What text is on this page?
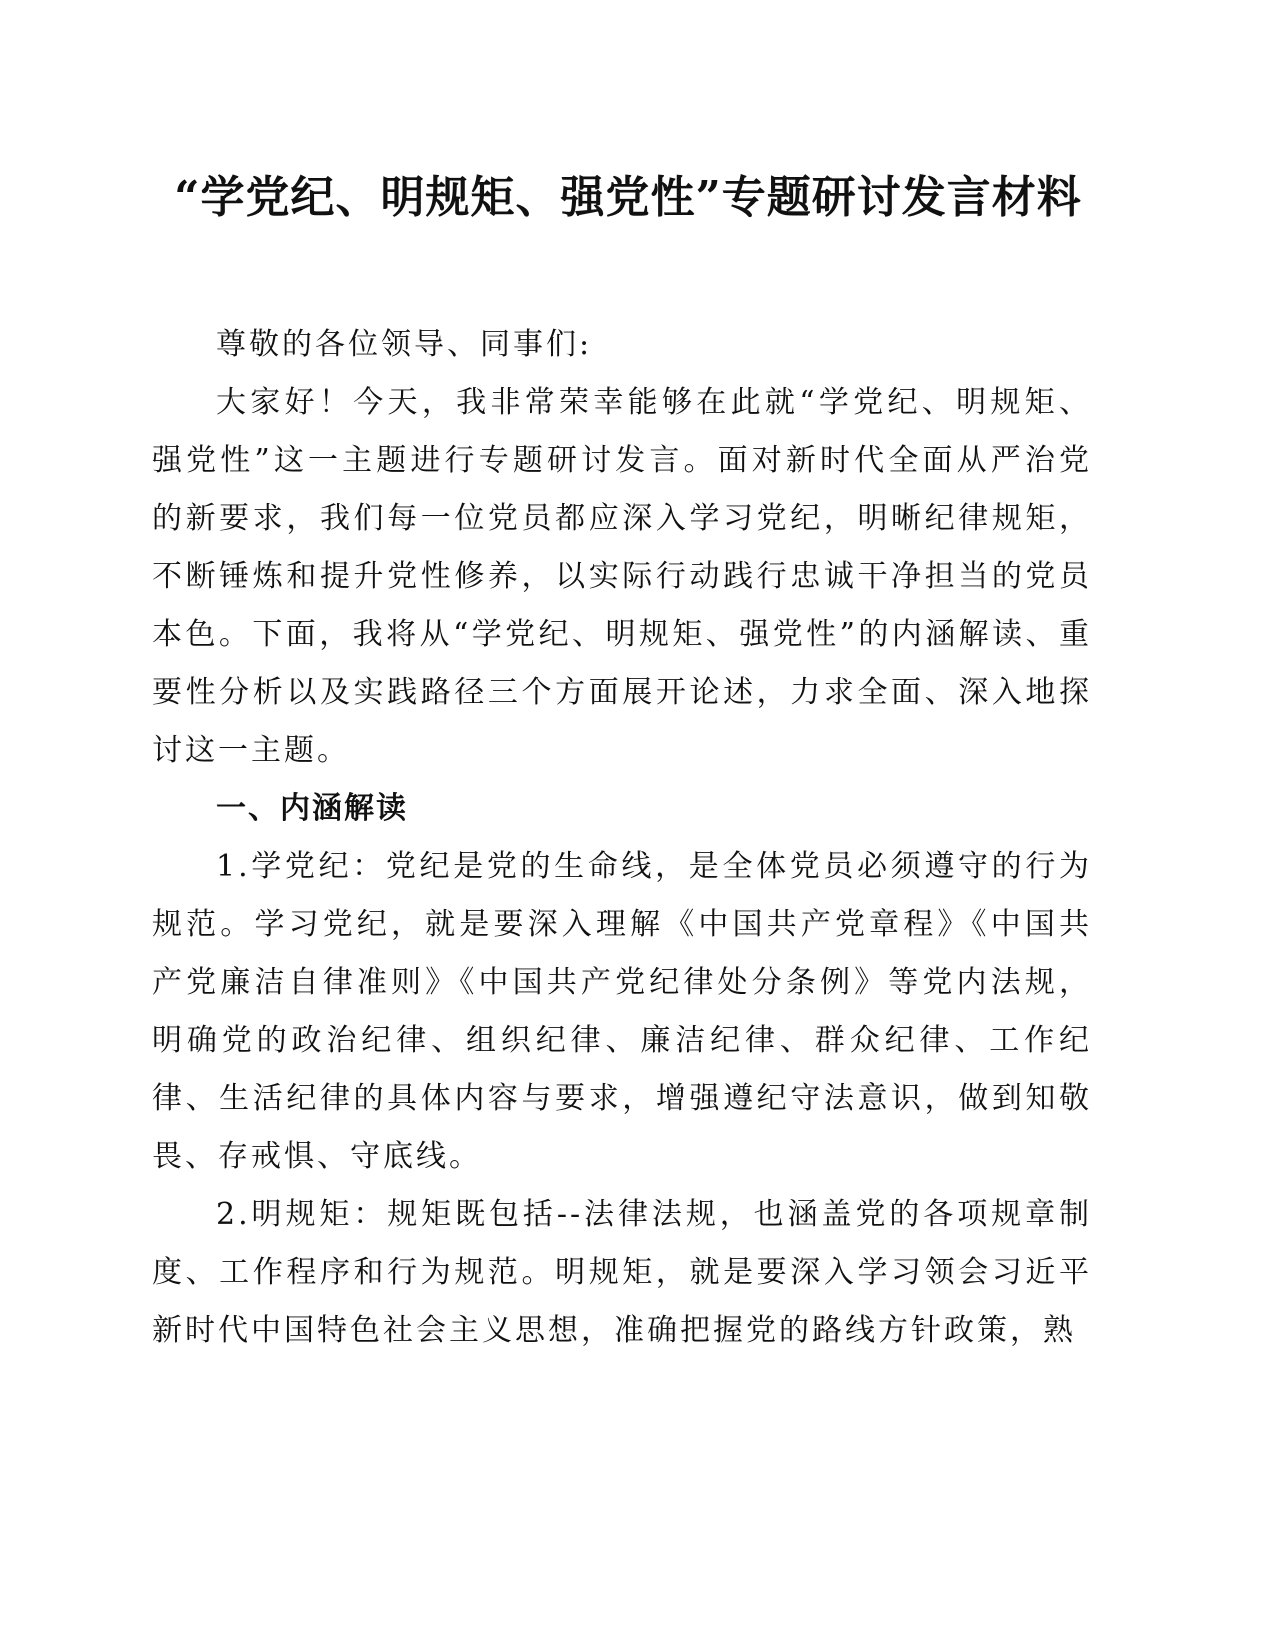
“学党纪、明规矩、强党性”专题研讨发言材料

尊敬的各位领导、同事们:

大家好！今天，我非常荣幸能够在此就“学党纪、明规矩、强党性”这一主题进行专题研讨发言。面对新时代全面从严治党的新要求，我们每一位党员都应深入学习党纪，明晰纪律规矩，不断锤炼和提升党性修养，以实际行动践行忠诚干净担当的党员本色。下面，我将从“学党纪、明规矩、强党性”的内涵解读、重要性分析以及实践路径三个方面展开论述，力求全面、深入地探讨这一主题。

一、内涵解读

1.学党纪：党纪是党的生命线，是全体党员必须遵守的行为规范。学习党纪，就是要深入理解《中国共产党章程》《中国共产党廉洁自律准则》《中国共产党纪律处分条例》等党内法规，明确党的政治纪律、组织纪律、廉洁纪律、群众纪律、工作纪律、生活纪律的具体内容与要求，增强遵纪守法意识，做到知敬畏、存戒惧、守底线。

2.明规矩：规矩既包括--法律法规，也涵盖党的各项规章制度、工作程序和行为规范。明规矩，就是要深入学习领会习近平新时代中国特色社会主义思想，准确把握党的路线方针政策，熟
